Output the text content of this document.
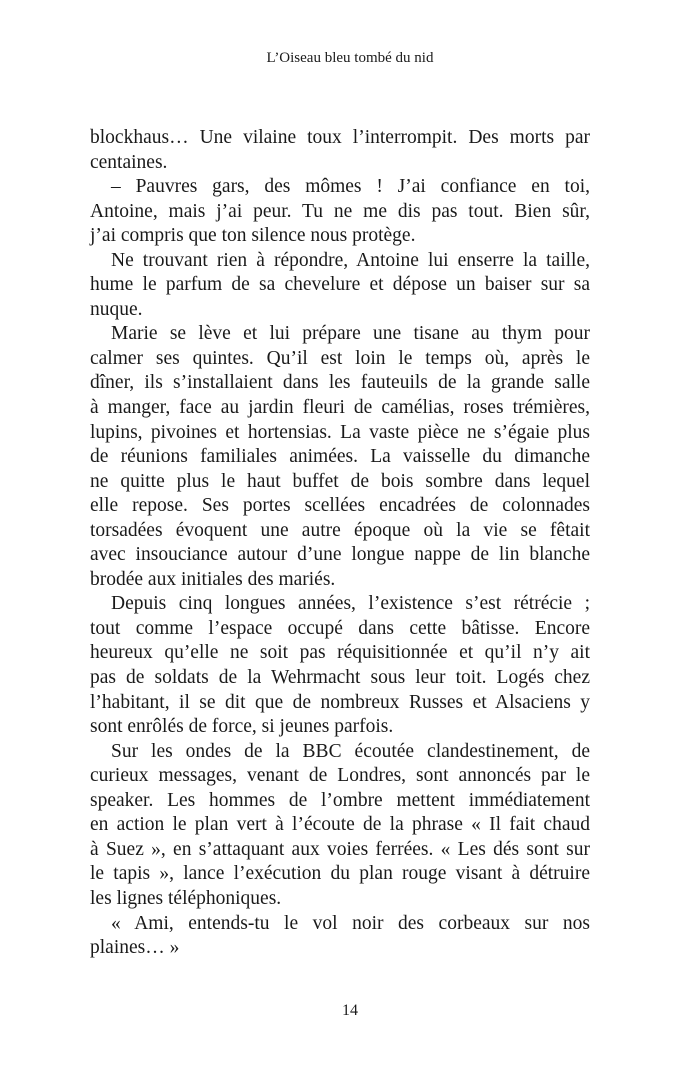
L’Oiseau bleu tombé du nid
blockhaus… Une vilaine toux l’interrompit. Des morts par
centaines.
– Pauvres gars, des mômes ! J’ai confiance en toi,
Antoine, mais j’ai peur. Tu ne me dis pas tout. Bien sûr,
j’ai compris que ton silence nous protège.
Ne trouvant rien à répondre, Antoine lui enserre la taille,
hume le parfum de sa chevelure et dépose un baiser sur sa
nuque.
Marie se lève et lui prépare une tisane au thym pour
calmer ses quintes. Qu’il est loin le temps où, après le
dîner, ils s’installaient dans les fauteuils de la grande salle
à manger, face au jardin fleuri de camélias, roses trémières,
lupins, pivoines et hortensias. La vaste pièce ne s’égaie plus
de réunions familiales animées. La vaisselle du dimanche
ne quitte plus le haut buffet de bois sombre dans lequel
elle repose. Ses portes scellées encadrées de colonnades
torsadées évoquent une autre époque où la vie se fêtait
avec insouciance autour d’une longue nappe de lin blanche
brodée aux initiales des mariés.
Depuis cinq longues années, l’existence s’est rétrécie ;
tout comme l’espace occupé dans cette bâtisse. Encore
heureux qu’elle ne soit pas réquisitionnée et qu’il n’y ait
pas de soldats de la Wehrmacht sous leur toit. Logés chez
l’habitant, il se dit que de nombreux Russes et Alsaciens y
sont enrôlés de force, si jeunes parfois.
Sur les ondes de la BBC écoutée clandestinement, de
curieux messages, venant de Londres, sont annoncés par le
speaker. Les hommes de l’ombre mettent immédiatement
en action le plan vert à l’écoute de la phrase « Il fait chaud
à Suez », en s’attaquant aux voies ferrées. « Les dés sont sur
le tapis », lance l’exécution du plan rouge visant à détruire
les lignes téléphoniques.
« Ami, entends-tu le vol noir des corbeaux sur nos
plaines… »
14
